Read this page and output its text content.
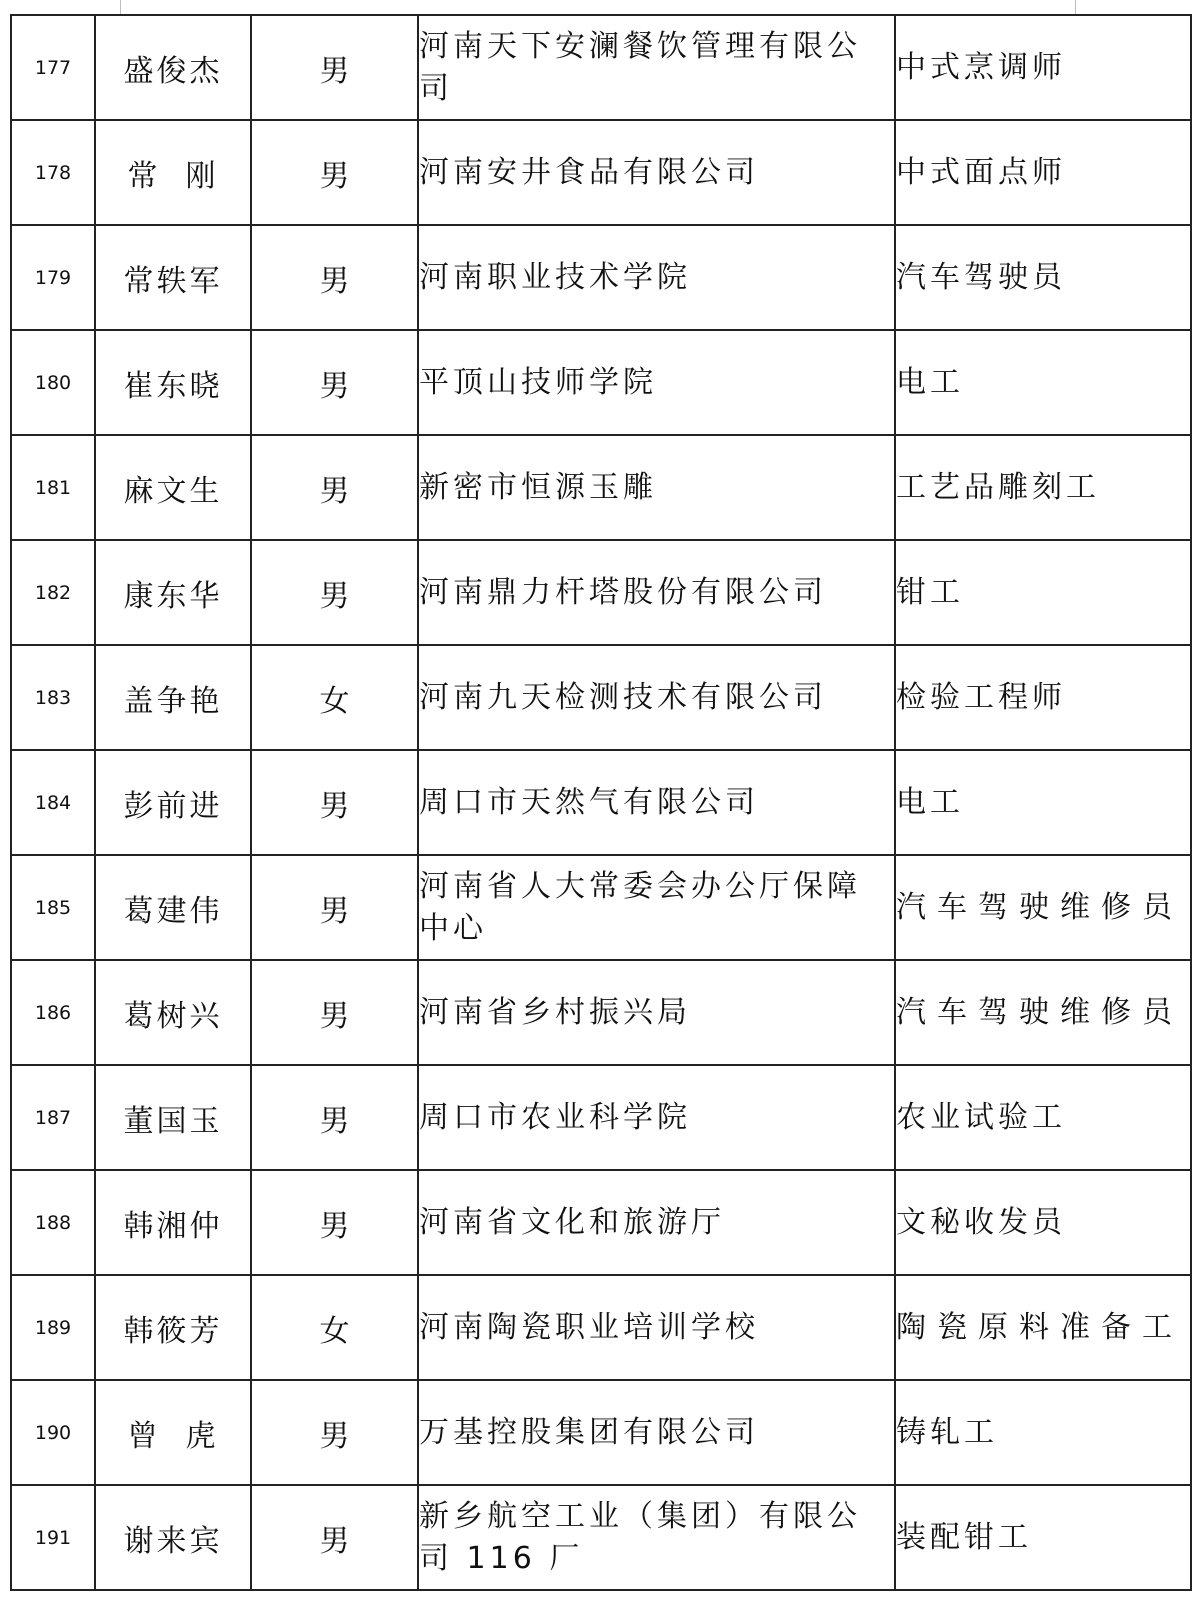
177	盛俊杰	男	河南天下安澜餐饮管理有限公司	中式烹调师
178	常  刚	男	河南安井食品有限公司	中式面点师
179	常轶军	男	河南职业技术学院	汽车驾驶员
180	崔东晓	男	平顶山技师学院	电工
181	麻文生	男	新密市恒源玉雕	工艺品雕刻工
182	康东华	男	河南鼎力杆塔股份有限公司	钳工
183	盖争艳	女	河南九天检测技术有限公司	检验工程师
184	彭前进	男	周口市天然气有限公司	电工
185	葛建伟	男	河南省人大常委会办公厅保障中心	汽车驾驶维修员
186	葛树兴	男	河南省乡村振兴局	汽车驾驶维修员
187	董国玉	男	周口市农业科学院	农业试验工
188	韩湘仲	男	河南省文化和旅游厅	文秘收发员
189	韩筱芳	女	河南陶瓷职业培训学校	陶瓷原料准备工
190	曾  虎	男	万基控股集团有限公司	铸轧工
191	谢来宾	男	新乡航空工业（集团）有限公司 116 厂	装配钳工
